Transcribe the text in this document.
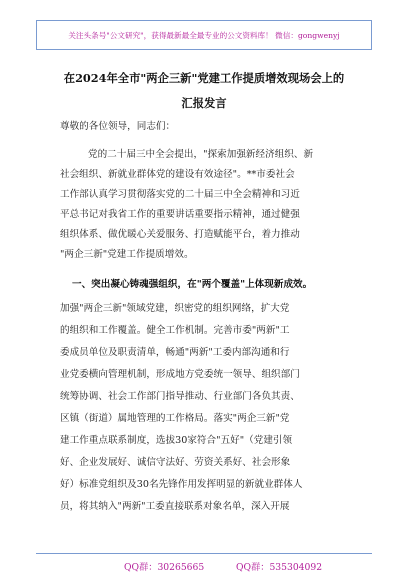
关注头条号"公文研究"，获得最新最全最专业的公文资料库！ 微信：gongwenyj
在2024年全市"两企三新"党建工作提质增效现场会上的
汇报发言
尊敬的各位领导，同志们：
党的二十届三中全会提出，"探索加强新经济组织、新
社会组织、新就业群体党的建设有效途径"。**市委社会
工作部认真学习贯彻落实党的二十届三中全会精神和习近
平总书记对我省工作的重要讲话重要指示精神，通过健强
组织体系、做优暖心关爱服务、打造赋能平台，着力推动
"两企三新"党建工作提质增效。
一、突出凝心铸魂强组织，在"两个覆盖"上体现新成效。
加强"两企三新"领域党建，织密党的组织网络，扩大党
的组织和工作覆盖。健全工作机制。完善市委"两新"工
委成员单位及职责清单，畅通"两新"工委内部沟通和行
业党委横向管理机制，形成地方党委统一领导、组织部门
统筹协调、社会工作部门指导推动、行业部门各负其责、
区镇（街道）属地管理的工作格局。落实"两企三新"党
建工作重点联系制度，选拔30家符合"五好"（党建引领
好、企业发展好、诚信守法好、劳资关系好、社会形象
好）标准党组织及30名先锋作用发挥明显的新就业群体人
员，将其纳入"两新"工委直接联系对象名单，深入开展
QQ群：30265665	QQ群：535304092
